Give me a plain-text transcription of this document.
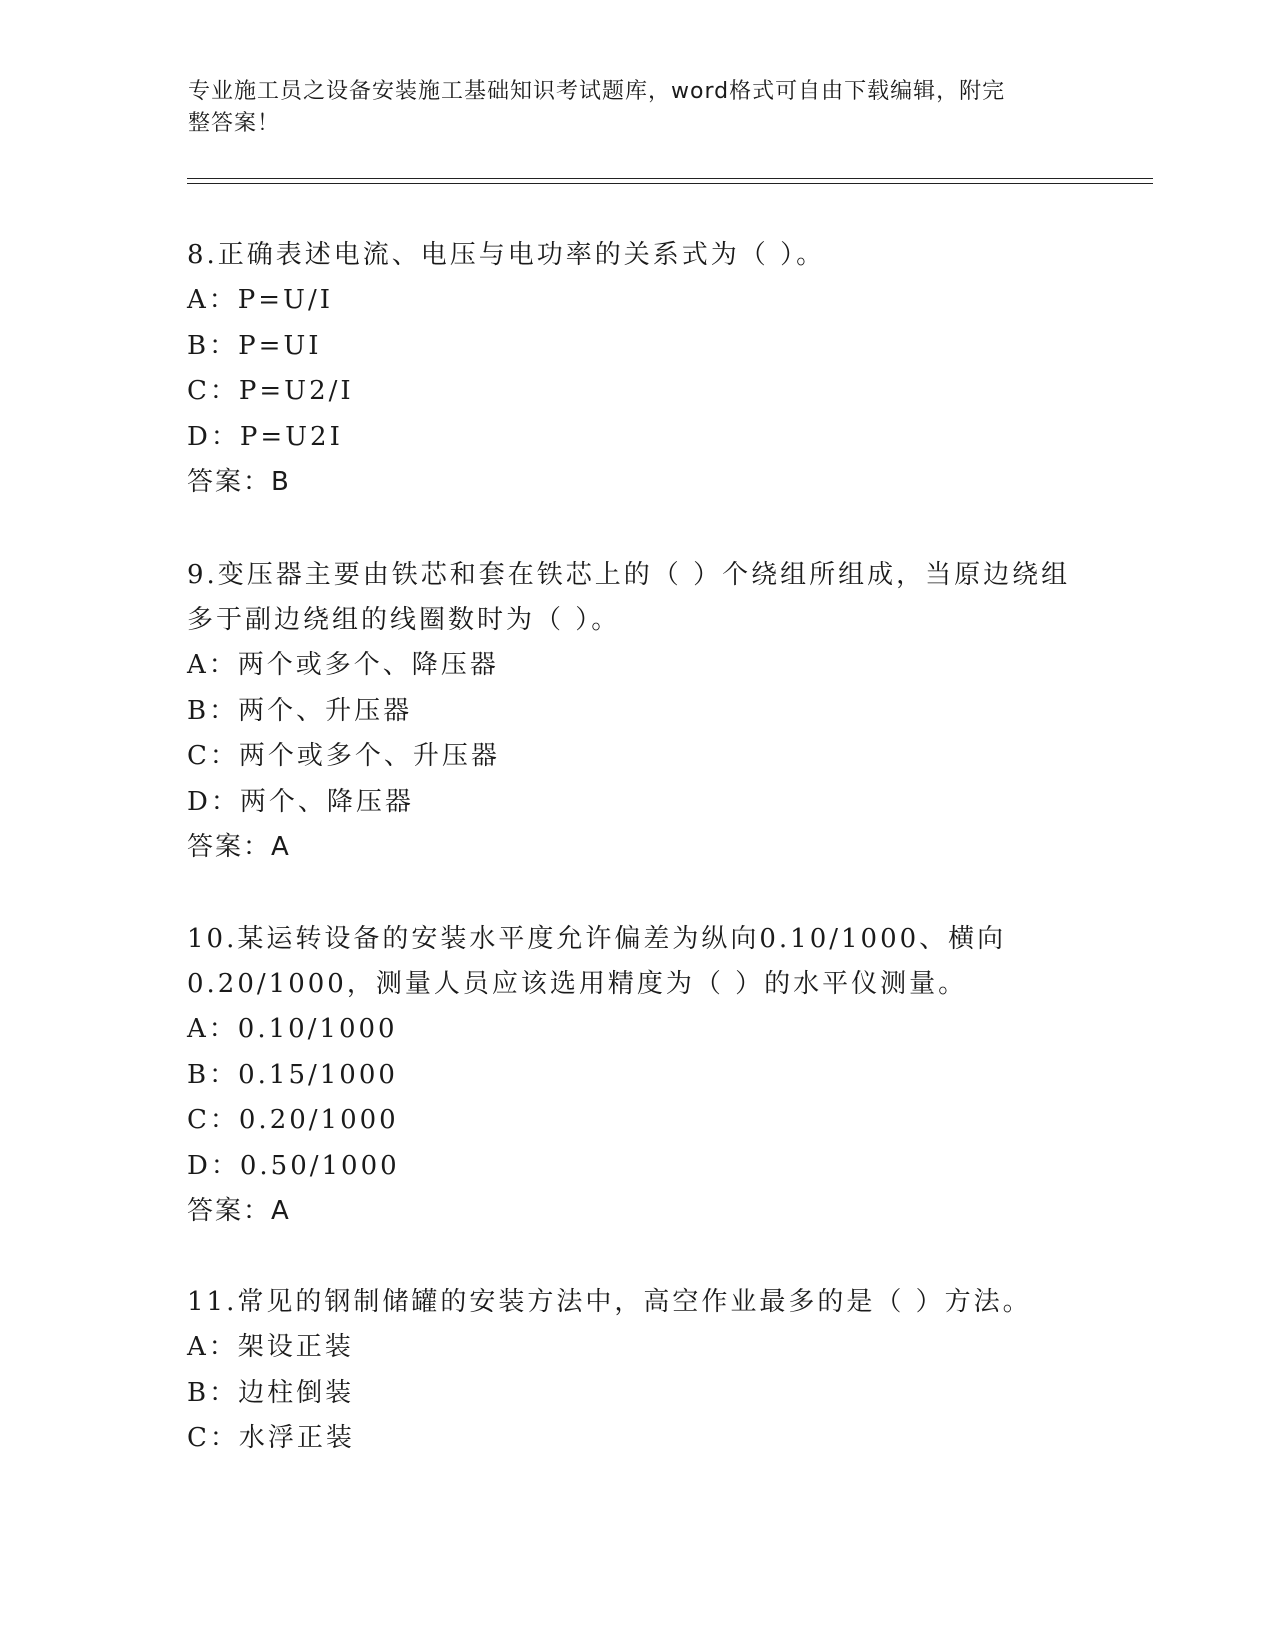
专业施工员之设备安装施工基础知识考试题库，word格式可自由下载编辑，附完
整答案！

8.正确表述电流、电压与电功率的关系式为（ ）。

A：P=U/I

B：P=UI

C：P=U2/I

D：P=U2I

答案：B

9.变压器主要由铁芯和套在铁芯上的（ ）个绕组所组成，当原边绕组

多于副边绕组的线圈数时为（ ）。

A：两个或多个、降压器

B：两个、升压器

C：两个或多个、升压器

D：两个、降压器

答案：A

10.某运转设备的安装水平度允许偏差为纵向0.10/1000、横向

0.20/1000，测量人员应该选用精度为（ ）的水平仪测量。

A：0.10/1000

B：0.15/1000

C：0.20/1000

D：0.50/1000

答案：A

11.常见的钢制储罐的安装方法中，高空作业最多的是（ ）方法。

A：架设正装

B：边柱倒装

C：水浮正装
